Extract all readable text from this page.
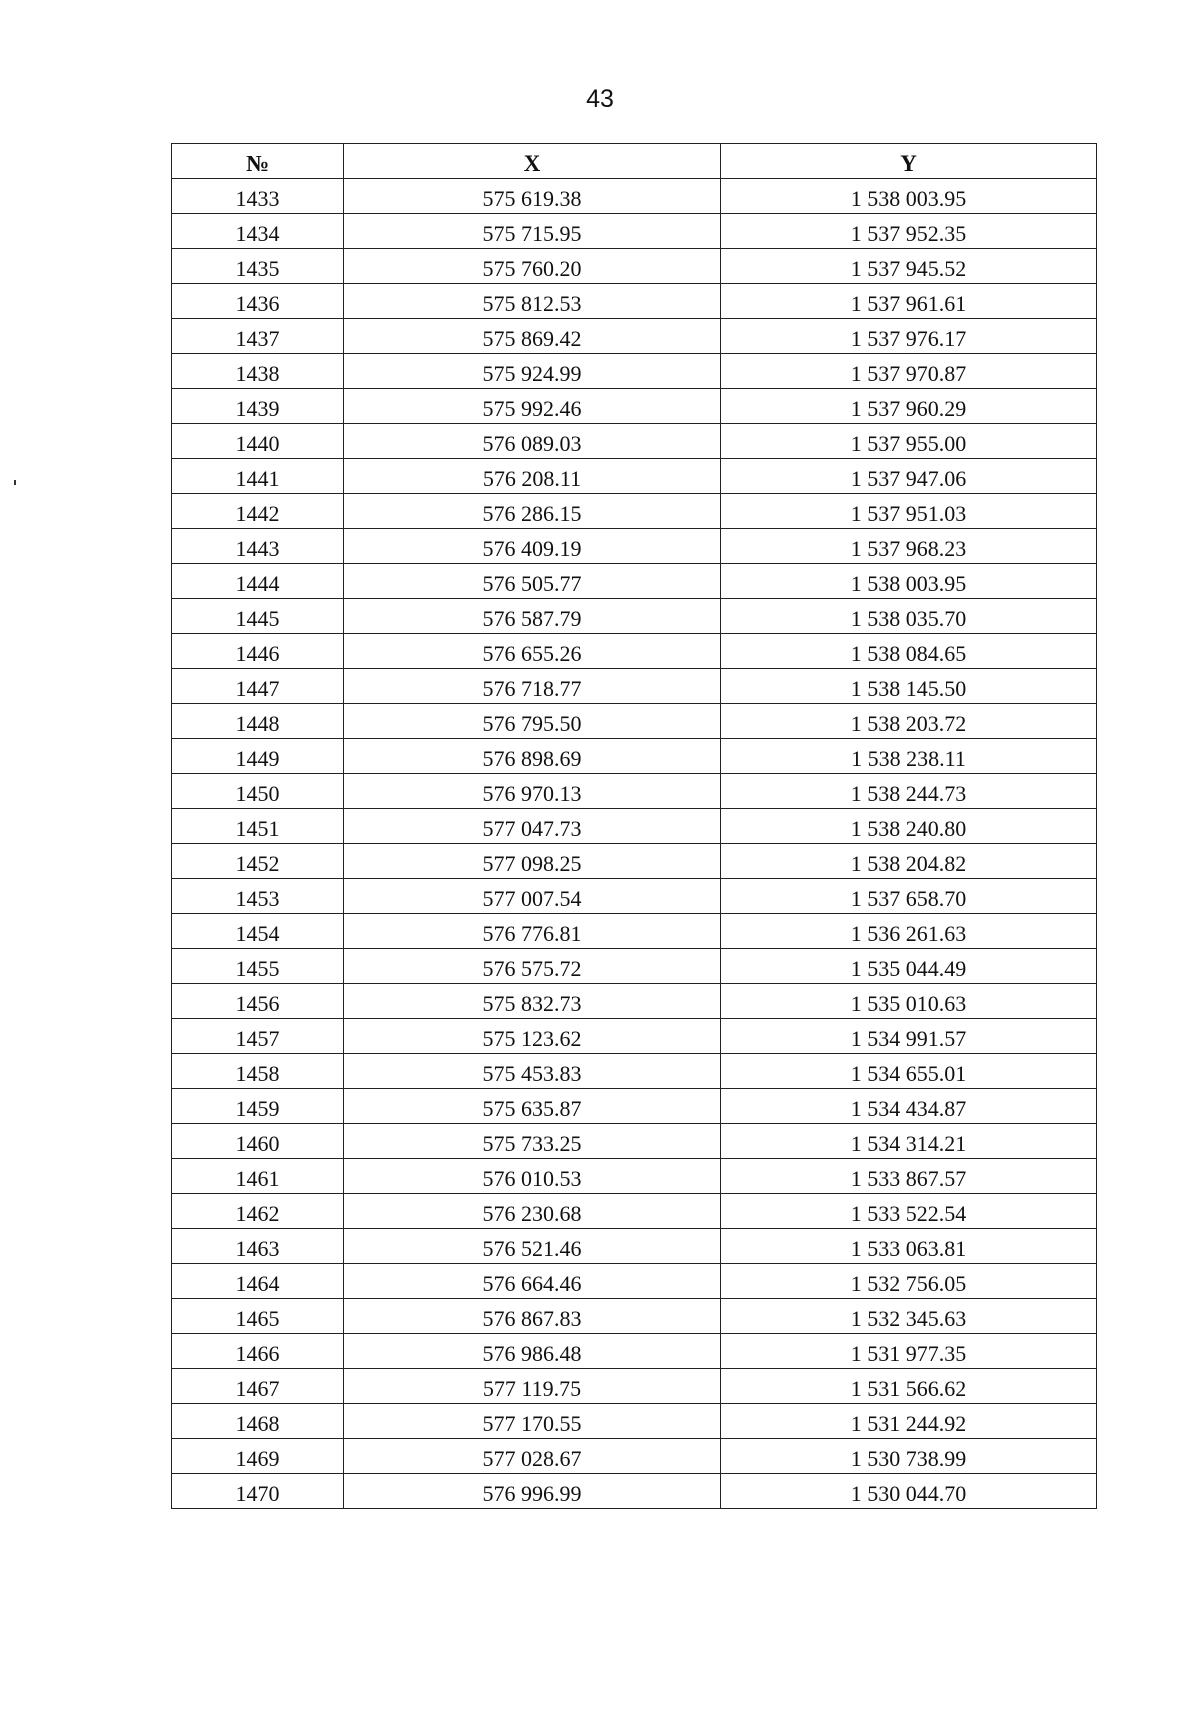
43
№	X	Y
1433	575 619.38	1 538 003.95
1434	575 715.95	1 537 952.35
1435	575 760.20	1 537 945.52
1436	575 812.53	1 537 961.61
1437	575 869.42	1 537 976.17
1438	575 924.99	1 537 970.87
1439	575 992.46	1 537 960.29
1440	576 089.03	1 537 955.00
1441	576 208.11	1 537 947.06
1442	576 286.15	1 537 951.03
1443	576 409.19	1 537 968.23
1444	576 505.77	1 538 003.95
1445	576 587.79	1 538 035.70
1446	576 655.26	1 538 084.65
1447	576 718.77	1 538 145.50
1448	576 795.50	1 538 203.72
1449	576 898.69	1 538 238.11
1450	576 970.13	1 538 244.73
1451	577 047.73	1 538 240.80
1452	577 098.25	1 538 204.82
1453	577 007.54	1 537 658.70
1454	576 776.81	1 536 261.63
1455	576 575.72	1 535 044.49
1456	575 832.73	1 535 010.63
1457	575 123.62	1 534 991.57
1458	575 453.83	1 534 655.01
1459	575 635.87	1 534 434.87
1460	575 733.25	1 534 314.21
1461	576 010.53	1 533 867.57
1462	576 230.68	1 533 522.54
1463	576 521.46	1 533 063.81
1464	576 664.46	1 532 756.05
1465	576 867.83	1 532 345.63
1466	576 986.48	1 531 977.35
1467	577 119.75	1 531 566.62
1468	577 170.55	1 531 244.92
1469	577 028.67	1 530 738.99
1470	576 996.99	1 530 044.70
